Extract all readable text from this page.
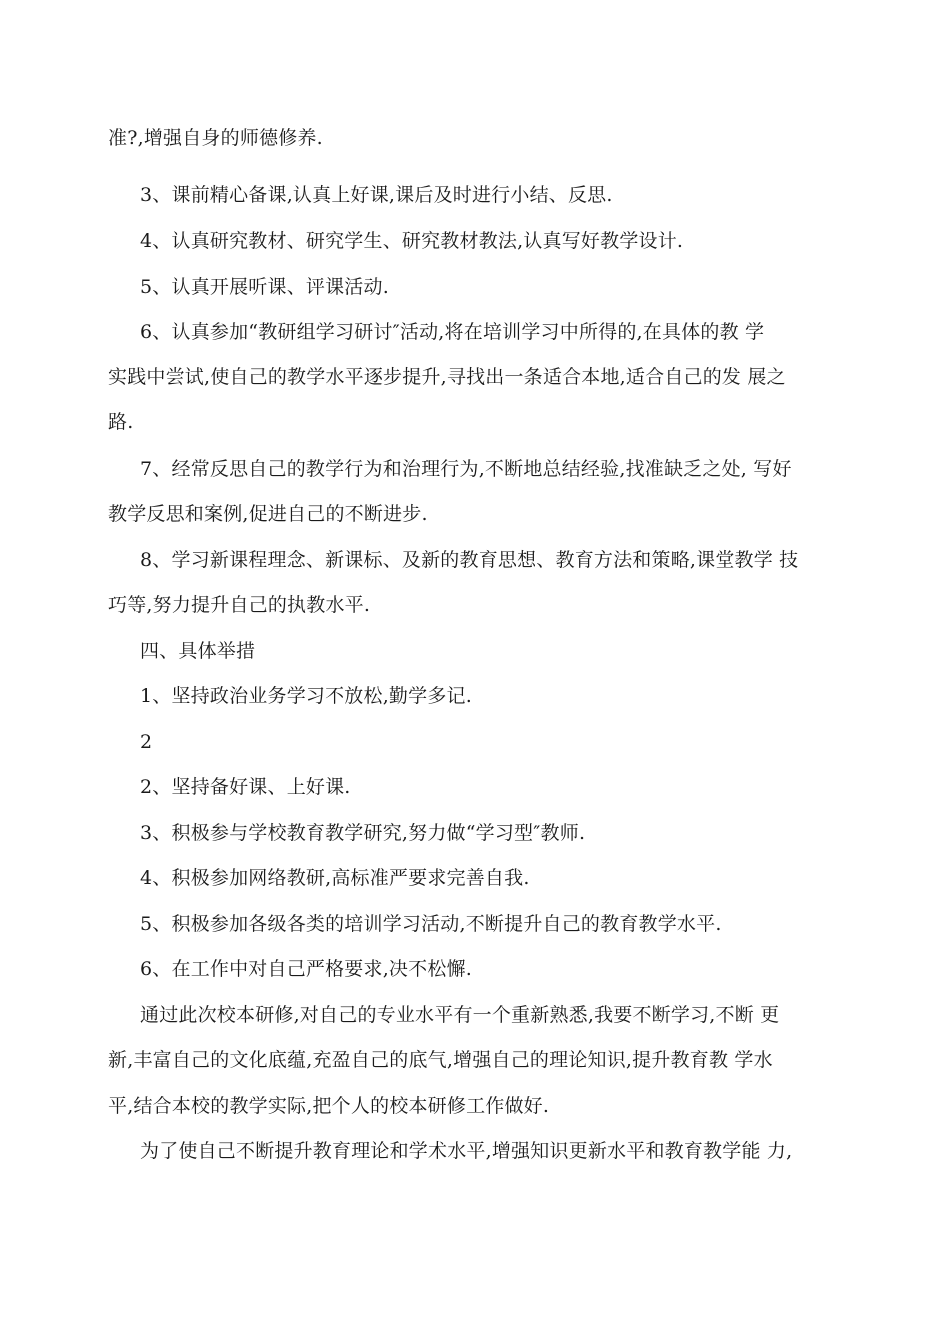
准?,增强自身的师德修养.
3、课前精心备课,认真上好课,课后及时进行小结、反思.
4、认真研究教材、研究学生、研究教材教法,认真写好教学设计.
5、认真开展听课、评课活动.
6、认真参加“教研组学习研讨″活动,将在培训学习中所得的,在具体的教 学
实践中尝试,使自己的教学水平逐步提升,寻找出一条适合本地,适合自己的发 展之
路.
7、经常反思自己的教学行为和治理行为,不断地总结经验,找准缺乏之处, 写好
教学反思和案例,促进自己的不断进步.
8、学习新课程理念、新课标、及新的教育思想、教育方法和策略,课堂教学 技
巧等,努力提升自己的执教水平.
四、具体举措
1、坚持政治业务学习不放松,勤学多记.
2
2、坚持备好课、上好课.
3、积极参与学校教育教学研究,努力做“学习型″教师.
4、积极参加网络教研,高标准严要求完善自我.
5、积极参加各级各类的培训学习活动,不断提升自己的教育教学水平.
6、在工作中对自己严格要求,决不松懈.
通过此次校本研修,对自己的专业水平有一个重新熟悉,我要不断学习,不断 更
新,丰富自己的文化底蕴,充盈自己的底气,增强自己的理论知识,提升教育教 学水
平,结合本校的教学实际,把个人的校本研修工作做好.
为了使自己不断提升教育理论和学术水平,增强知识更新水平和教育教学能 力,
